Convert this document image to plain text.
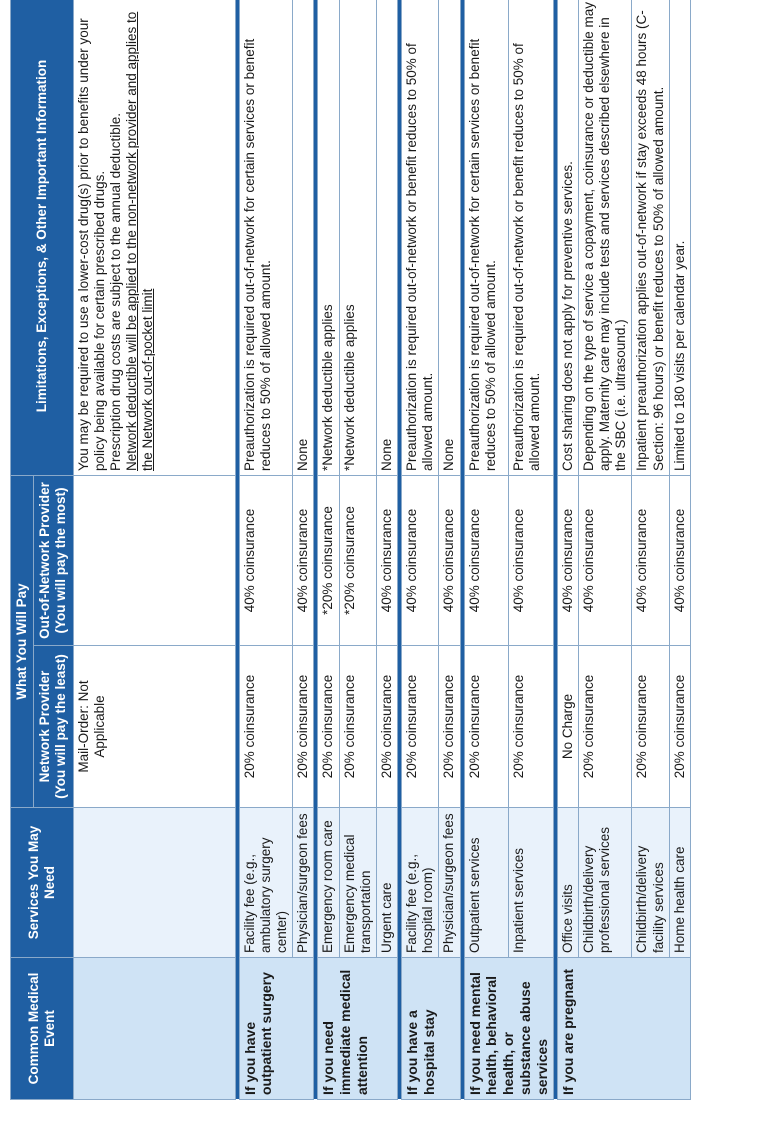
Common Medical Event	Services You May Need	What You Will Pay		Limitations, Exceptions, & Other Important Information

		Network Provider (You will pay the least)	Out-of-Network Provider (You will pay the most)	

		Mail-Order: Not Applicable		You may be required to use a lower-cost drug(s) prior to benefits under your policy being available for certain prescribed drugs. Prescription drug costs are subject to the annual deductible. Network deductible will be applied to the non-network provider and applies to the Network out-of-pocket limit

If you have outpatient surgery	Facility fee (e.g., ambulatory surgery center)	20% coinsurance	40% coinsurance	Preauthorization is required out-of-network for certain services or benefit reduces to 50% of allowed amount.
	Physician/surgeon fees	20% coinsurance	40% coinsurance	None

If you need immediate medical attention	Emergency room care	20% coinsurance	*20% coinsurance	*Network deductible applies
	Emergency medical transportation	20% coinsurance	*20% coinsurance	*Network deductible applies
	Urgent care	20% coinsurance	40% coinsurance	None

If you have a hospital stay	Facility fee (e.g., hospital room)	20% coinsurance	40% coinsurance	Preauthorization is required out-of-network or benefit reduces to 50% of allowed amount.
	Physician/surgeon fees	20% coinsurance	40% coinsurance	None

If you need mental health, behavioral health, or substance abuse services	Outpatient services	20% coinsurance	40% coinsurance	Preauthorization is required out-of-network for certain services or benefit reduces to 50% of allowed amount.
	Inpatient services	20% coinsurance	40% coinsurance	Preauthorization is required out-of-network or benefit reduces to 50% of allowed amount.

If you are pregnant	Office visits	No Charge	40% coinsurance	Cost sharing does not apply for preventive services.
	Childbirth/delivery professional services	20% coinsurance	40% coinsurance	Depending on the type of service a copayment, coinsurance or deductible may apply. Maternity care may include tests and services described elsewhere in the SBC (i.e. ultrasound.)
	Childbirth/delivery facility services	20% coinsurance	40% coinsurance	Inpatient preauthorization applies out-of-network if stay exceeds 48 hours (C-Section: 96 hours) or benefit reduces to 50% of allowed amount.
	Home health care	20% coinsurance	40% coinsurance	Limited to 180 visits per calendar year.
